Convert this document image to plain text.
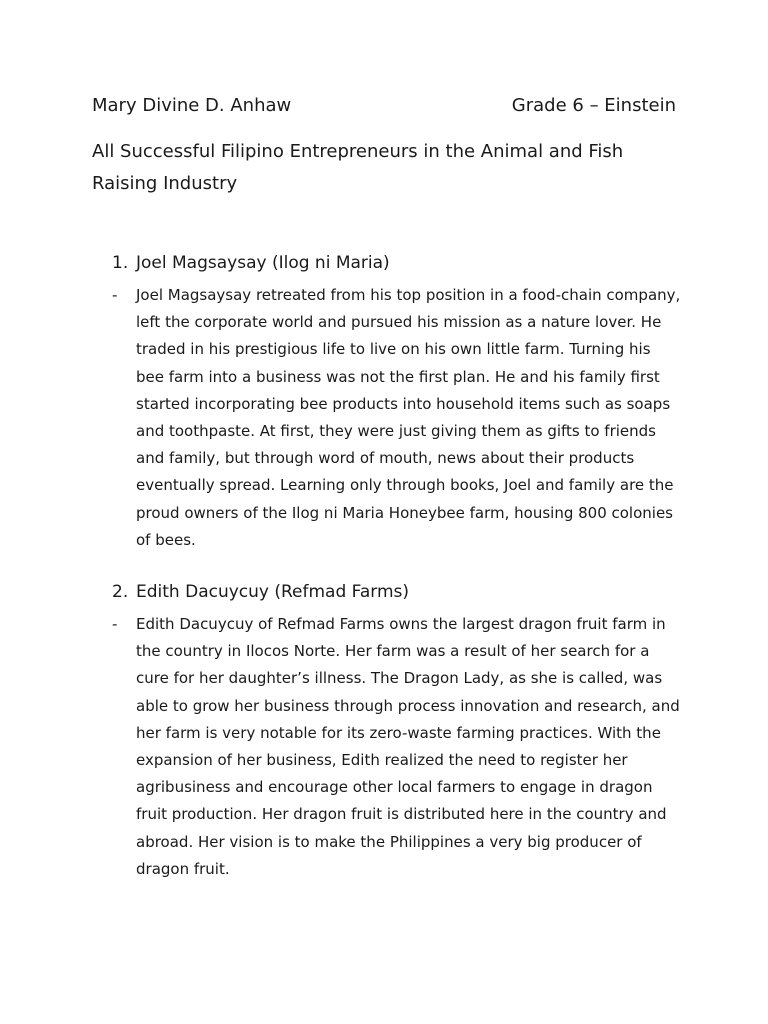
Mary Divine D. Anhaw	Grade 6 – Einstein
All Successful Filipino Entrepreneurs in the Animal and Fish Raising Industry
1. Joel Magsaysay (Ilog ni Maria)
-	Joel Magsaysay retreated from his top position in a food-chain company, left the corporate world and pursued his mission as a nature lover. He traded in his prestigious life to live on his own little farm. Turning his bee farm into a business was not the first plan. He and his family first started incorporating bee products into household items such as soaps and toothpaste. At first, they were just giving them as gifts to friends and family, but through word of mouth, news about their products eventually spread. Learning only through books, Joel and family are the proud owners of the Ilog ni Maria Honeybee farm, housing 800 colonies of bees.
2. Edith Dacuycuy (Refmad Farms)
-	Edith Dacuycuy of Refmad Farms owns the largest dragon fruit farm in the country in Ilocos Norte. Her farm was a result of her search for a cure for her daughter’s illness. The Dragon Lady, as she is called, was able to grow her business through process innovation and research, and her farm is very notable for its zero-waste farming practices. With the expansion of her business, Edith realized the need to register her agribusiness and encourage other local farmers to engage in dragon fruit production. Her dragon fruit is distributed here in the country and abroad. Her vision is to make the Philippines a very big producer of dragon fruit.
